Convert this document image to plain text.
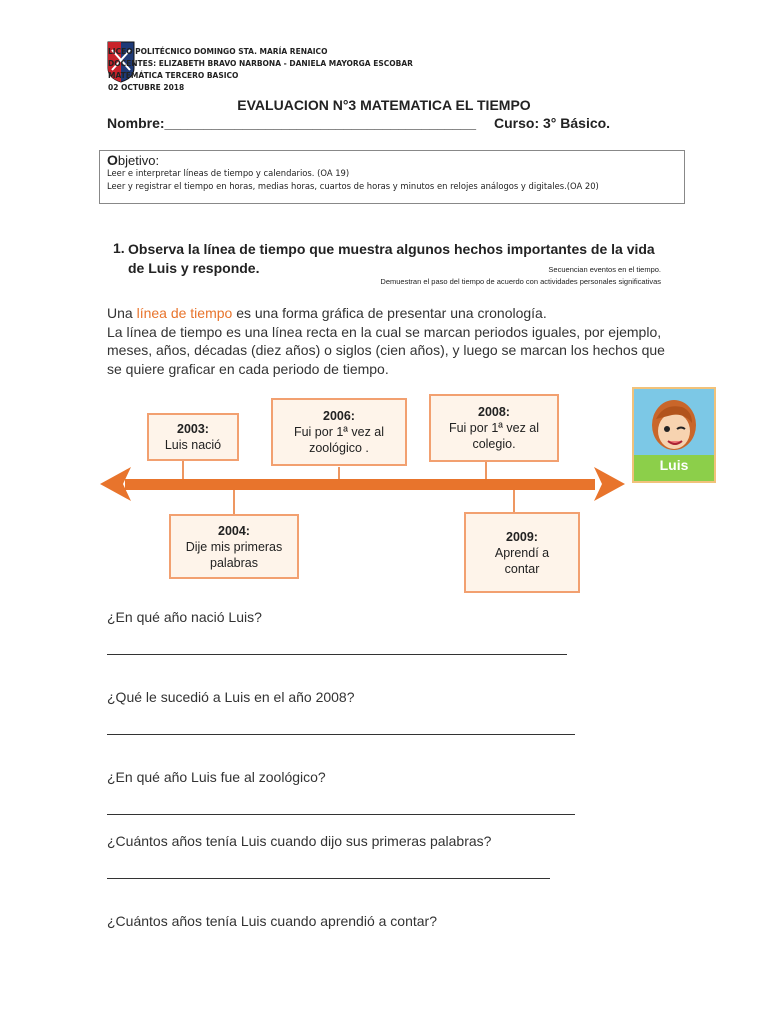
LICEO POLITÉCNICO DOMINGO STA. MARÍA RENAICO
DOCENTES: ELIZABETH BRAVO NARBONA - DANIELA MAYORGA ESCOBAR
MATEMÁTICA TERCERO BASICO
02 OCTUBRE 2018
EVALUACION N°3 MATEMATICA EL TIEMPO
Nombre:________________________________________ Curso: 3° Básico.
Objetivo:
Leer e interpretar líneas de tiempo y calendarios. (OA 19)
Leer y registrar el tiempo en horas, medias horas, cuartos de horas y minutos en relojes análogos y digitales.(OA 20)
1. Observa la línea de tiempo que muestra algunos hechos importantes de la vida de Luis y responde.	Secuencian eventos en el tiempo.
Demuestran el paso del tiempo de acuerdo con actividades personales significativas
Una línea de tiempo es una forma gráfica de presentar una cronología.
La línea de tiempo es una línea recta en la cual se marcan periodos iguales, por ejemplo, meses, años, décadas (diez años) o siglos (cien años), y luego se marcan los hechos que se quiere graficar en cada periodo de tiempo.
2003:
Luis nació
2006:
Fui por 1ª vez al zoológico .
2008:
Fui por 1ª vez al colegio.
2004:
Dije mis primeras palabras
2009:
Aprendí a contar
Luis
¿En qué año nació Luis?
¿Qué le sucedió a Luis en el año 2008?
¿En qué año Luis fue al zoológico?
¿Cuántos años tenía Luis cuando dijo sus primeras palabras?
¿Cuántos años tenía Luis cuando aprendió a contar?
